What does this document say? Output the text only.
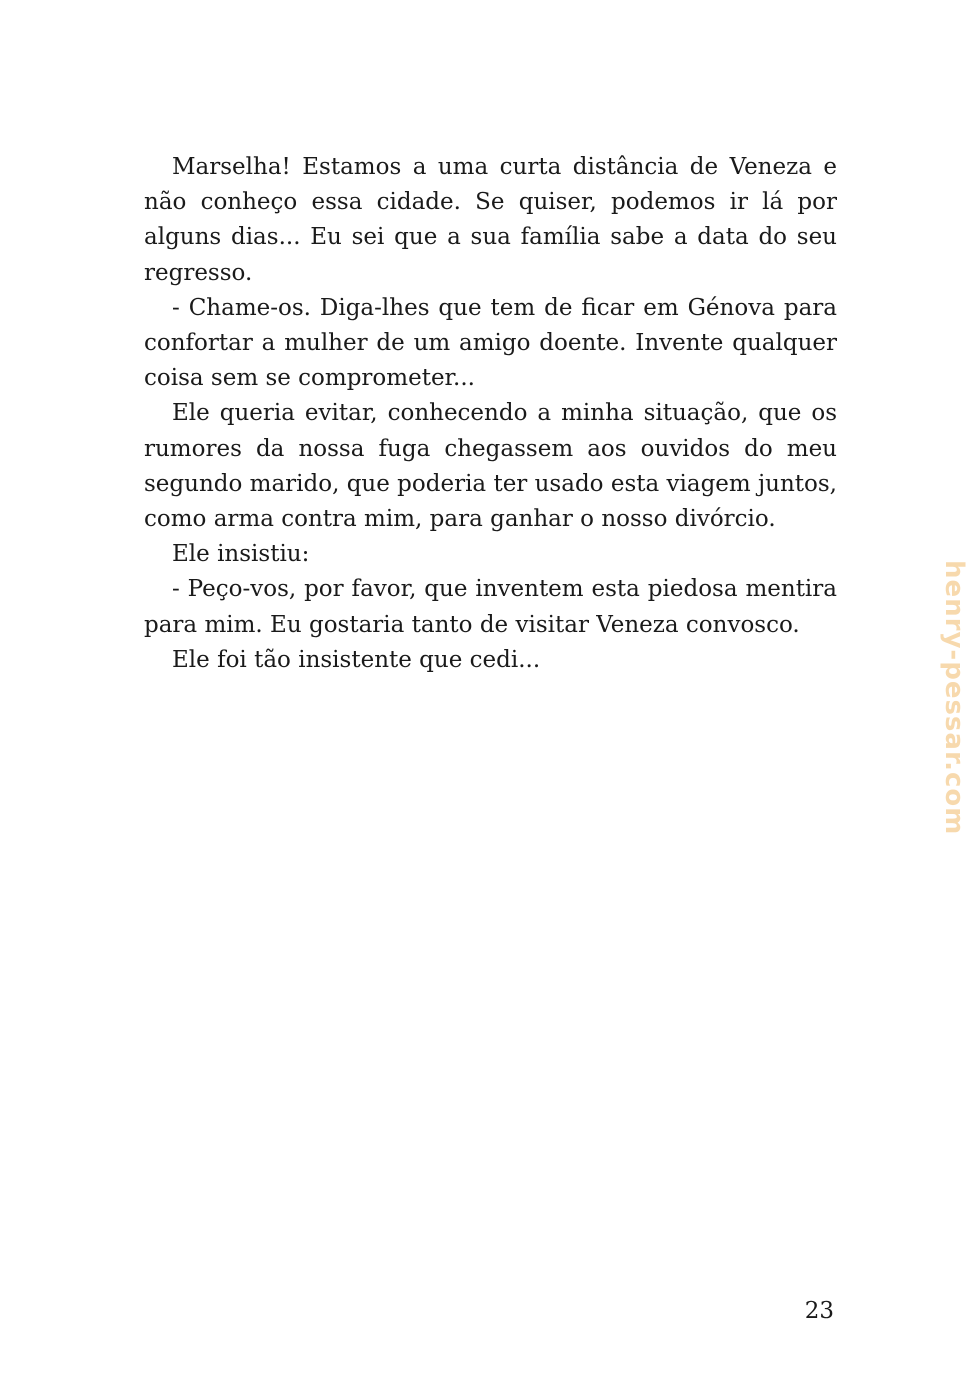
Marselha! Estamos a uma curta distância de Veneza e não conheço essa cidade. Se quiser, podemos ir lá por alguns dias... Eu sei que a sua família sabe a data do seu regresso.

- Chame-os. Diga-lhes que tem de ficar em Génova para confortar a mulher de um amigo doente. Invente qualquer coisa sem se comprometer...

Ele queria evitar, conhecendo a minha situação, que os rumores da nossa fuga chegassem aos ouvidos do meu segundo marido, que poderia ter usado esta viagem juntos, como arma contra mim, para ganhar o nosso divórcio.

Ele insistiu:

- Peço-vos, por favor, que inventem esta piedosa mentira para mim. Eu gostaria tanto de visitar Veneza convosco.

Ele foi tão insistente que cedi...	henry-pessar.com
23
